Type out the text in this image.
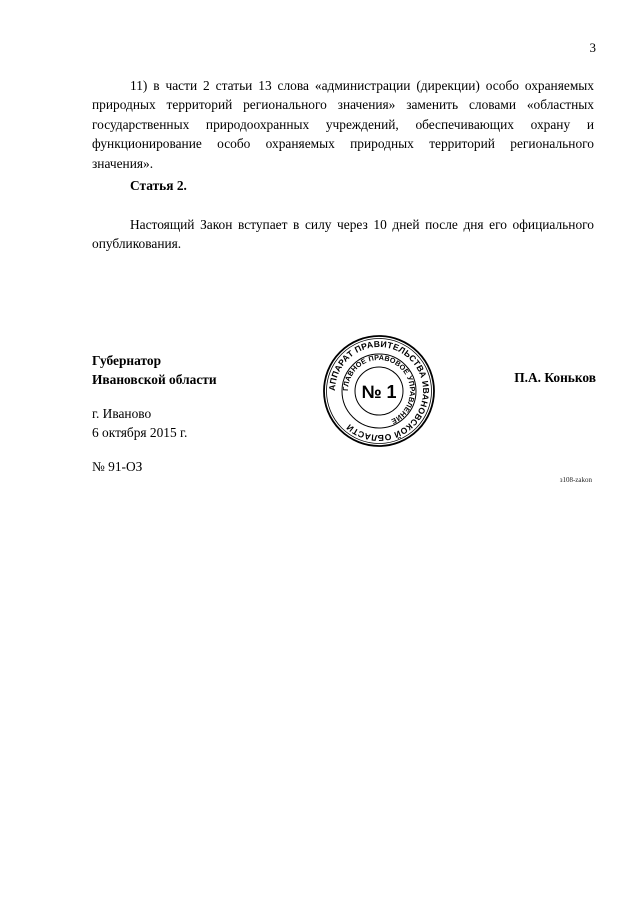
3

11) в части 2 статьи 13 слова «администрации (дирекции) особо охраняемых природных территорий регионального значения» заменить словами «областных государственных природоохранных учреждений, обеспечивающих охрану и функционирование особо охраняемых природных территорий регионального значения».

Статья 2.

Настоящий Закон вступает в силу через 10 дней после дня его официального опубликования.

Губернатор
Ивановской области	П.А. Коньков
г. Иваново
6 октября 2015 г.
№ 91-ОЗ
з108-zakon
АППАРАТ ПРАВИТЕЛЬСТВА ИВАНОВСКОЙ ОБЛАСТИ
ГЛАВНОЕ ПРАВОВОЕ УПРАВЛЕНИЕ
№ 1
